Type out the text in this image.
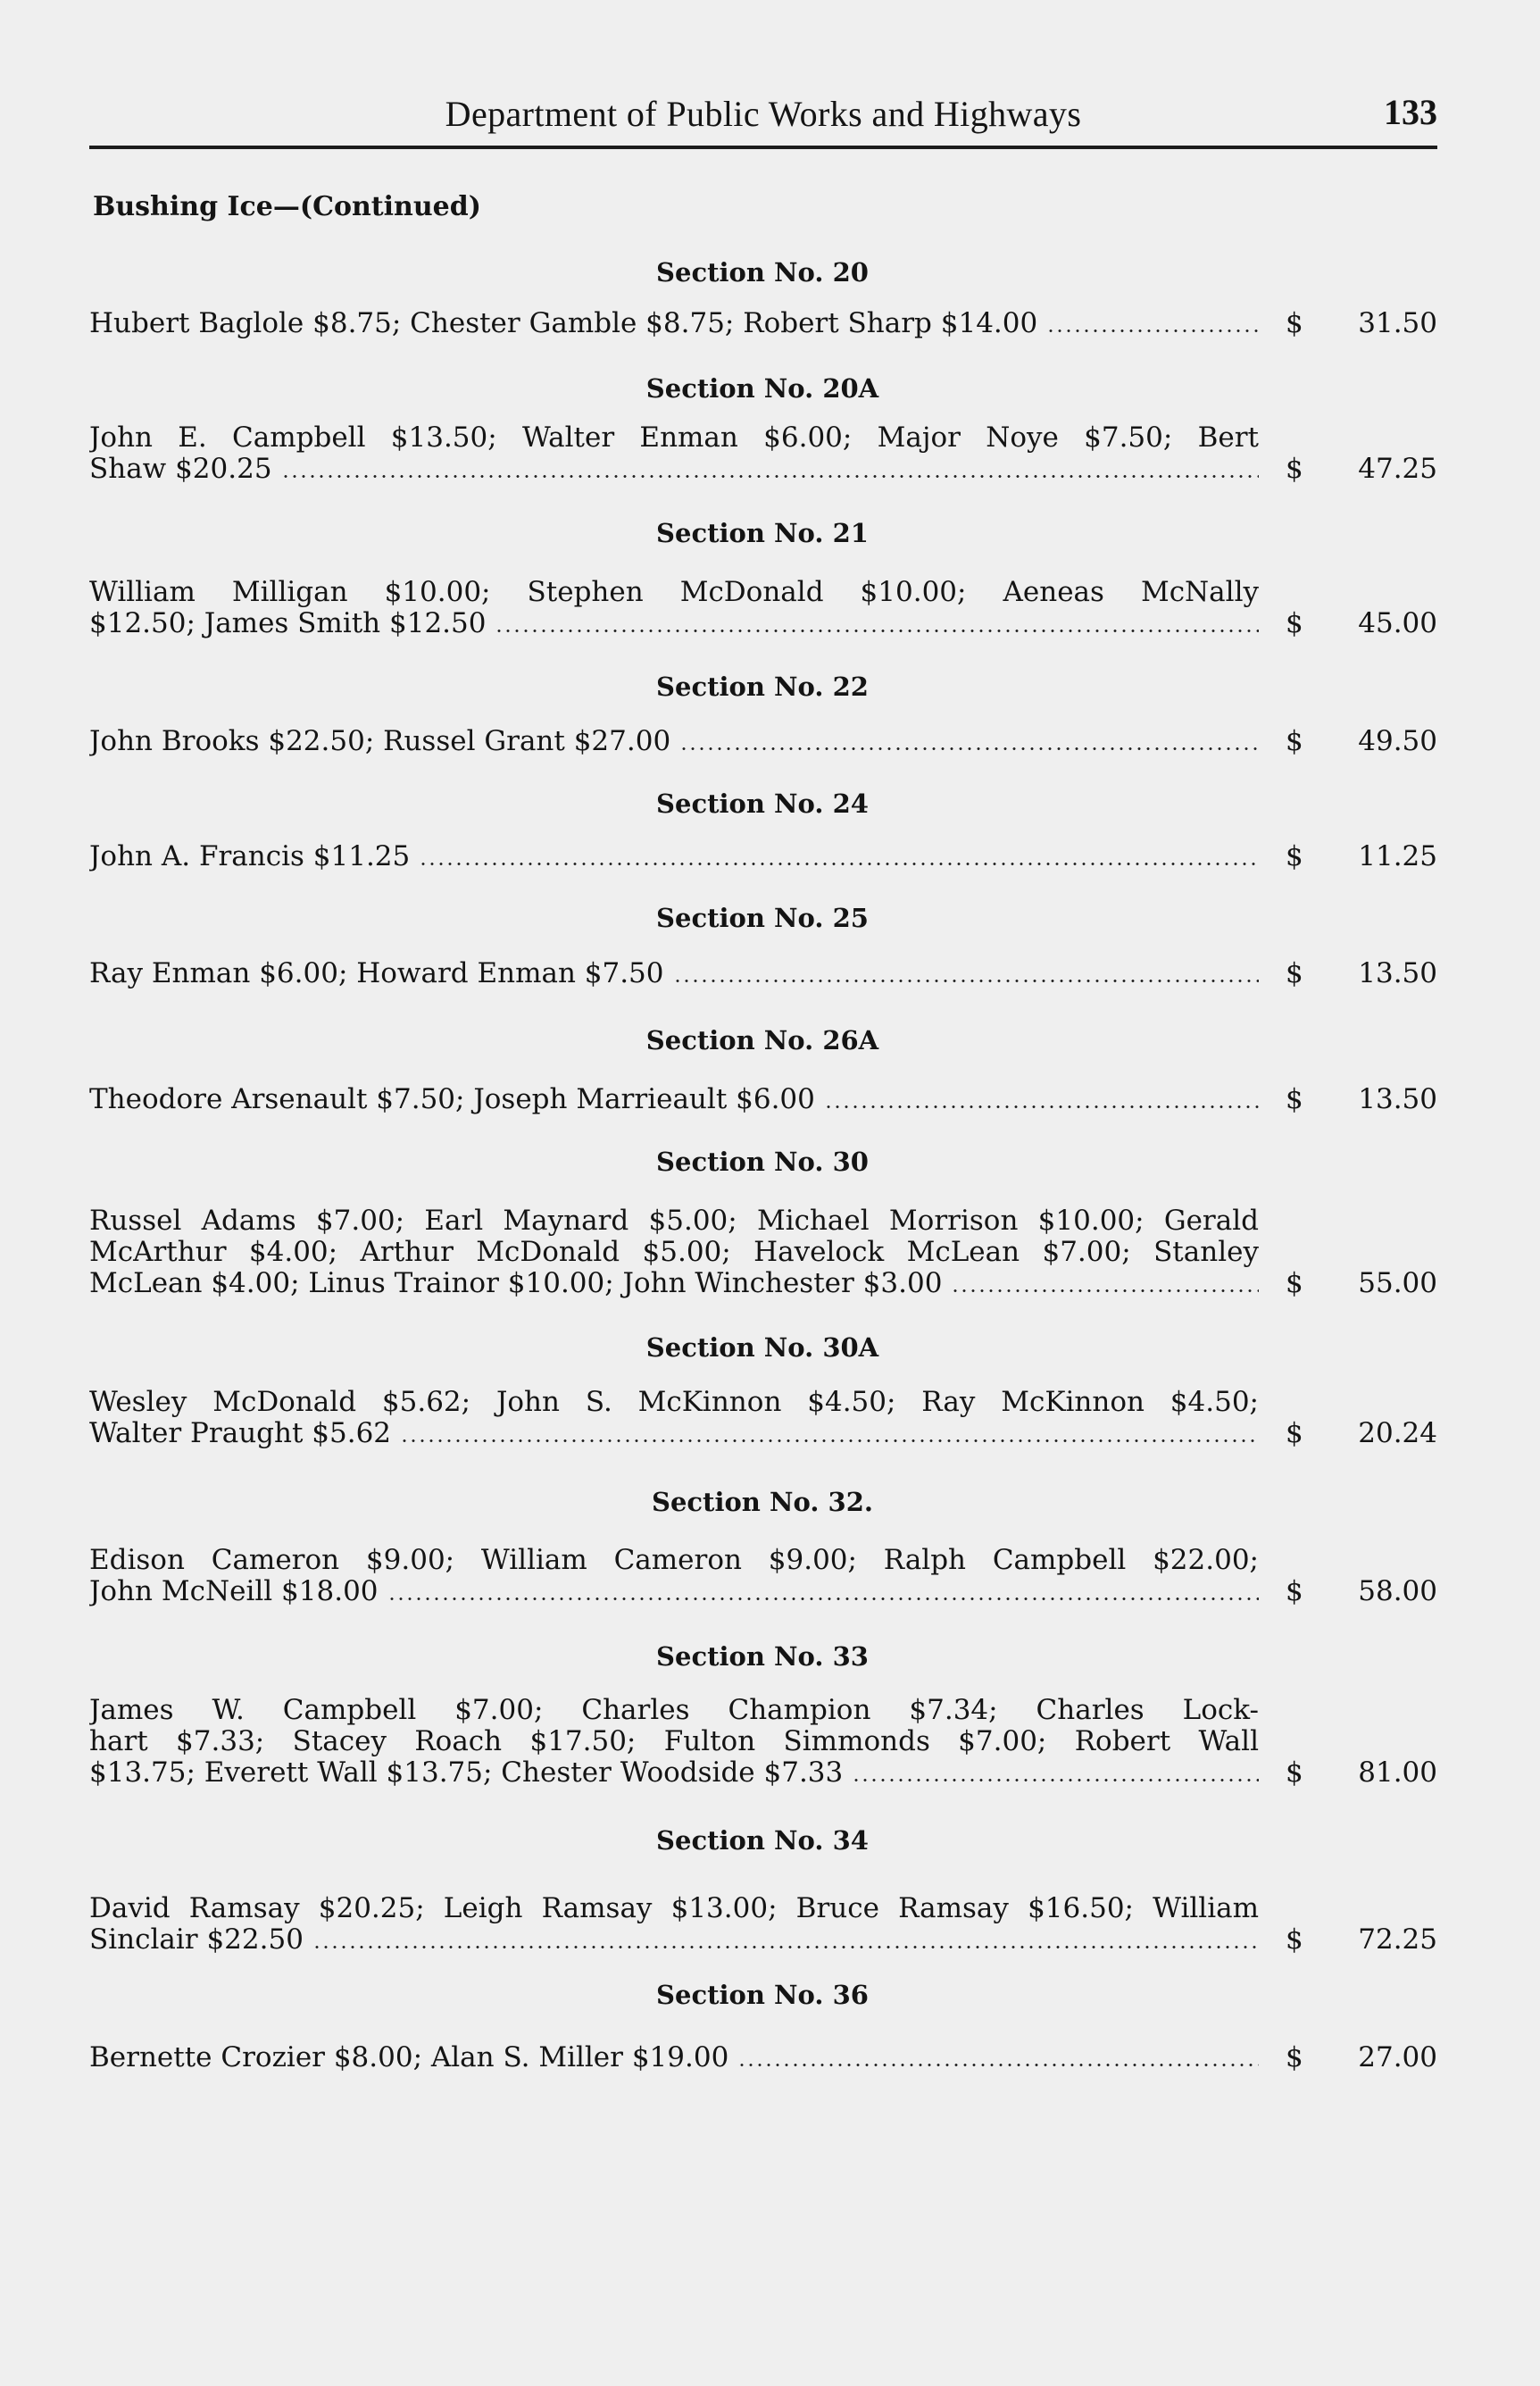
Department of Public Works and Highways	133
Bushing Ice—(Continued)
Section No. 20
Hubert Baglole $8.75; Chester Gamble $8.75; Robert Sharp $14.00	$ 31.50
Section No. 20A
John E. Campbell $13.50; Walter Enman $6.00; Major Noye $7.50; Bert
Shaw $20.25	$ 47.25
Section No. 21
William Milligan $10.00; Stephen McDonald $10.00; Aeneas McNally
$12.50; James Smith $12.50	$ 45.00
Section No. 22
John Brooks $22.50; Russel Grant $27.00	$ 49.50
Section No. 24
John A. Francis $11.25	$ 11.25
Section No. 25
Ray Enman $6.00; Howard Enman $7.50	$ 13.50
Section No. 26A
Theodore Arsenault $7.50; Joseph Marrieault $6.00	$ 13.50
Section No. 30
Russel Adams $7.00; Earl Maynard $5.00; Michael Morrison $10.00; Gerald
McArthur $4.00; Arthur McDonald $5.00; Havelock McLean $7.00; Stanley
McLean $4.00; Linus Trainor $10.00; John Winchester $3.00	$ 55.00
Section No. 30A
Wesley McDonald $5.62; John S. McKinnon $4.50; Ray McKinnon $4.50;
Walter Praught $5.62	$ 20.24
Section No. 32.
Edison Cameron $9.00; William Cameron $9.00; Ralph Campbell $22.00;
John McNeill $18.00	$ 58.00
Section No. 33
James W. Campbell $7.00; Charles Champion $7.34; Charles Lock-
hart $7.33; Stacey Roach $17.50; Fulton Simmonds $7.00; Robert Wall
$13.75; Everett Wall $13.75; Chester Woodside $7.33	$ 81.00
Section No. 34
David Ramsay $20.25; Leigh Ramsay $13.00; Bruce Ramsay $16.50; William
Sinclair $22.50	$ 72.25
Section No. 36
Bernette Crozier $8.00; Alan S. Miller $19.00	$ 27.00
